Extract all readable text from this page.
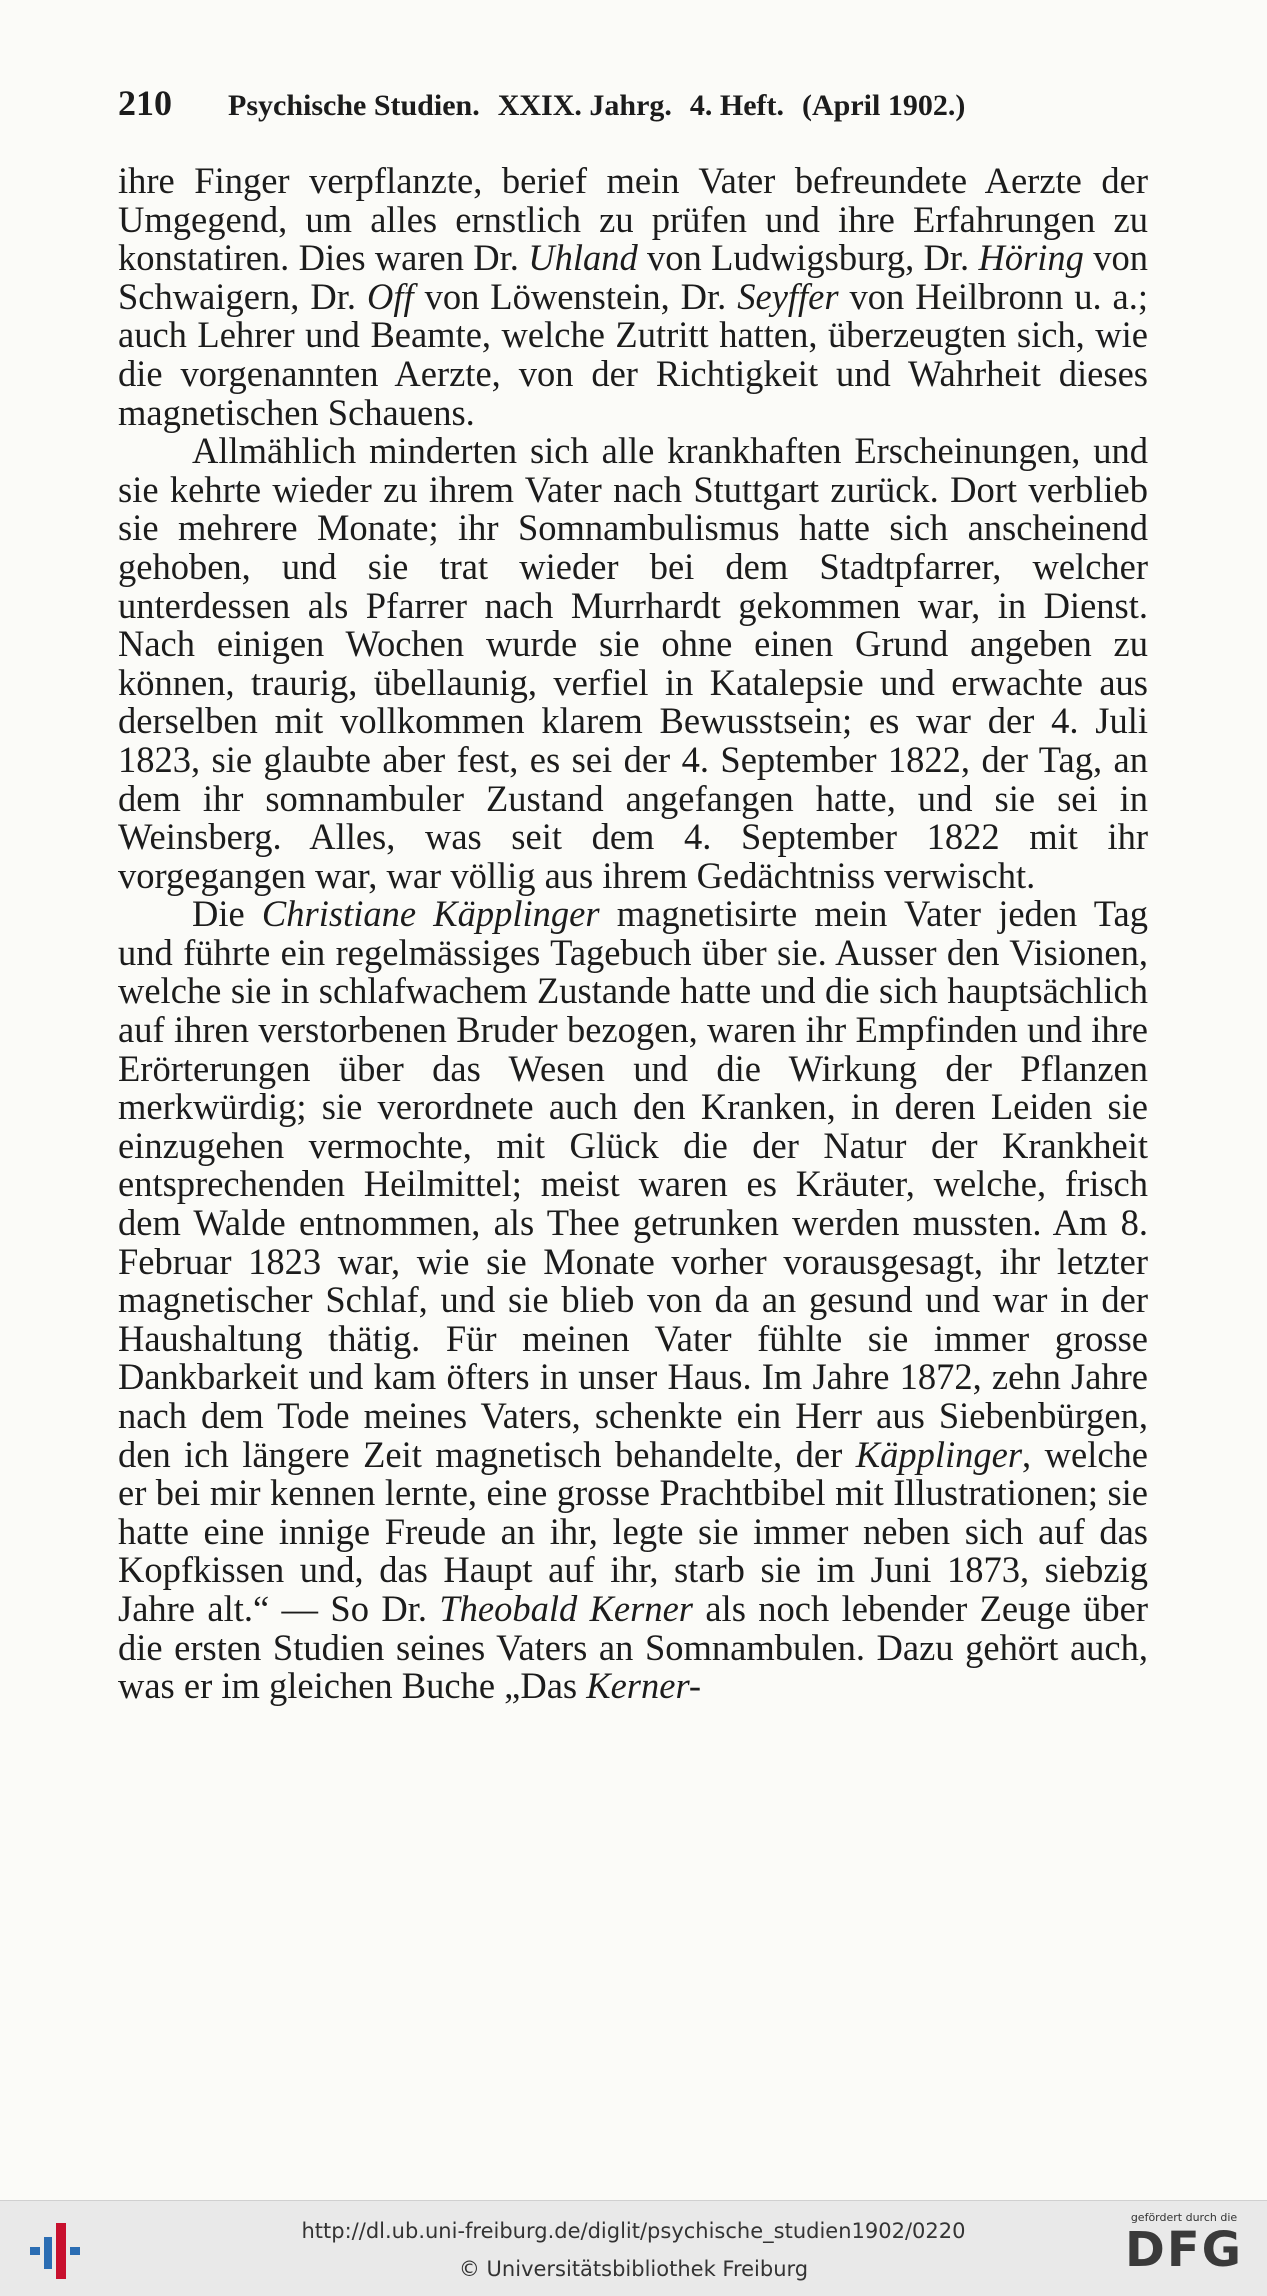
210 Psychische Studien. XXIX. Jahrg. 4. Heft. (April 1902.)

ihre Finger verpflanzte, berief mein Vater befreundete Aerzte der Umgegend, um alles ernstlich zu prüfen und ihre Erfahrungen zu konstatiren. Dies waren Dr. Uhland von Ludwigsburg, Dr. Höring von Schwaigern, Dr. Off von Löwenstein, Dr. Seyffer von Heilbronn u. a.; auch Lehrer und Beamte, welche Zutritt hatten, überzeugten sich, wie die vorgenannten Aerzte, von der Richtigkeit und Wahrheit dieses magnetischen Schauens.

Allmählich minderten sich alle krankhaften Erscheinungen, und sie kehrte wieder zu ihrem Vater nach Stuttgart zurück. Dort verblieb sie mehrere Monate; ihr Somnambulismus hatte sich anscheinend gehoben, und sie trat wieder bei dem Stadtpfarrer, welcher unterdessen als Pfarrer nach Murrhardt gekommen war, in Dienst. Nach einigen Wochen wurde sie ohne einen Grund angeben zu können, traurig, übellaunig, verfiel in Katalepsie und erwachte aus derselben mit vollkommen klarem Bewusstsein; es war der 4. Juli 1823, sie glaubte aber fest, es sei der 4. September 1822, der Tag, an dem ihr somnambuler Zustand angefangen hatte, und sie sei in Weinsberg. Alles, was seit dem 4. September 1822 mit ihr vorgegangen war, war völlig aus ihrem Gedächtniss verwischt.

Die Christiane Käpplinger magnetisirte mein Vater jeden Tag und führte ein regelmässiges Tagebuch über sie. Ausser den Visionen, welche sie in schlafwachem Zustande hatte und die sich hauptsächlich auf ihren verstorbenen Bruder bezogen, waren ihr Empfinden und ihre Erörterungen über das Wesen und die Wirkung der Pflanzen merkwürdig; sie verordnete auch den Kranken, in deren Leiden sie einzugehen vermochte, mit Glück die der Natur der Krankheit entsprechenden Heilmittel; meist waren es Kräuter, welche, frisch dem Walde entnommen, als Thee getrunken werden mussten. Am 8. Februar 1823 war, wie sie Monate vorher vorausgesagt, ihr letzter magnetischer Schlaf, und sie blieb von da an gesund und war in der Haushaltung thätig. Für meinen Vater fühlte sie immer grosse Dankbarkeit und kam öfters in unser Haus. Im Jahre 1872, zehn Jahre nach dem Tode meines Vaters, schenkte ein Herr aus Siebenbürgen, den ich längere Zeit magnetisch behandelte, der Käpplinger, welche er bei mir kennen lernte, eine grosse Prachtbibel mit Illustrationen; sie hatte eine innige Freude an ihr, legte sie immer neben sich auf das Kopfkissen und, das Haupt auf ihr, starb sie im Juni 1873, siebzig Jahre alt.“ — So Dr. Theobald Kerner als noch lebender Zeuge über die ersten Studien seines Vaters an Somnambulen. Dazu gehört auch, was er im gleichen Buche „Das Kerner-

http://dl.ub.uni-freiburg.de/diglit/psychische_studien1902/0220
© Universitätsbibliothek Freiburg
gefördert durch die
DFG
